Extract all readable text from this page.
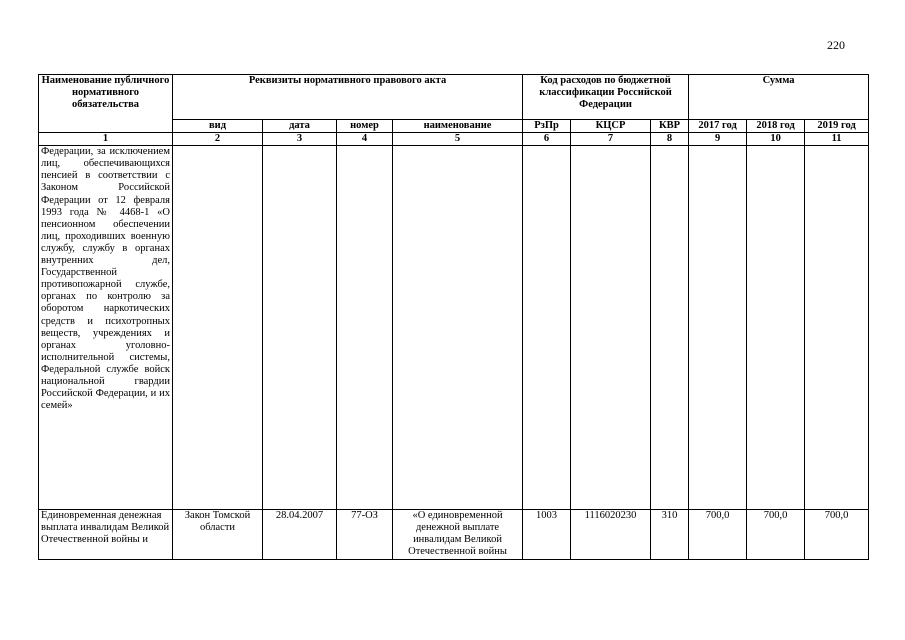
220
Наименование публичного нормативного обязательства	Реквизиты нормативного правового акта				Код расходов по бюджетной классификации Российской Федерации			Сумма		
	вид	дата	номер	наименование	РзПр	КЦСР	КВР	2017 год	2018 год	2019 год
1	2	3	4	5	6	7	8	9	10	11
Федерации, за исключением лиц, обеспечивающихся пенсией в соответствии с Законом Российской Федерации от 12 февраля 1993 года № 4468-1 «О пенсионном обеспечении лиц, проходивших военную службу, службу в органах внутренних дел, Государственной противопожарной службе, органах по контролю за оборотом наркотических средств и психотропных веществ, учреждениях и органах уголовно-исполнительной системы, Федеральной службе войск национальной гвардии Российской Федерации, и их семей»										
Единовременная денежная выплата инвалидам Великой Отечественной войны и	Закон Томской области	28.04.2007	77-ОЗ	«О единовременной денежной выплате инвалидам Великой Отечественной войны	1003	1116020230	310	700,0	700,0	700,0
